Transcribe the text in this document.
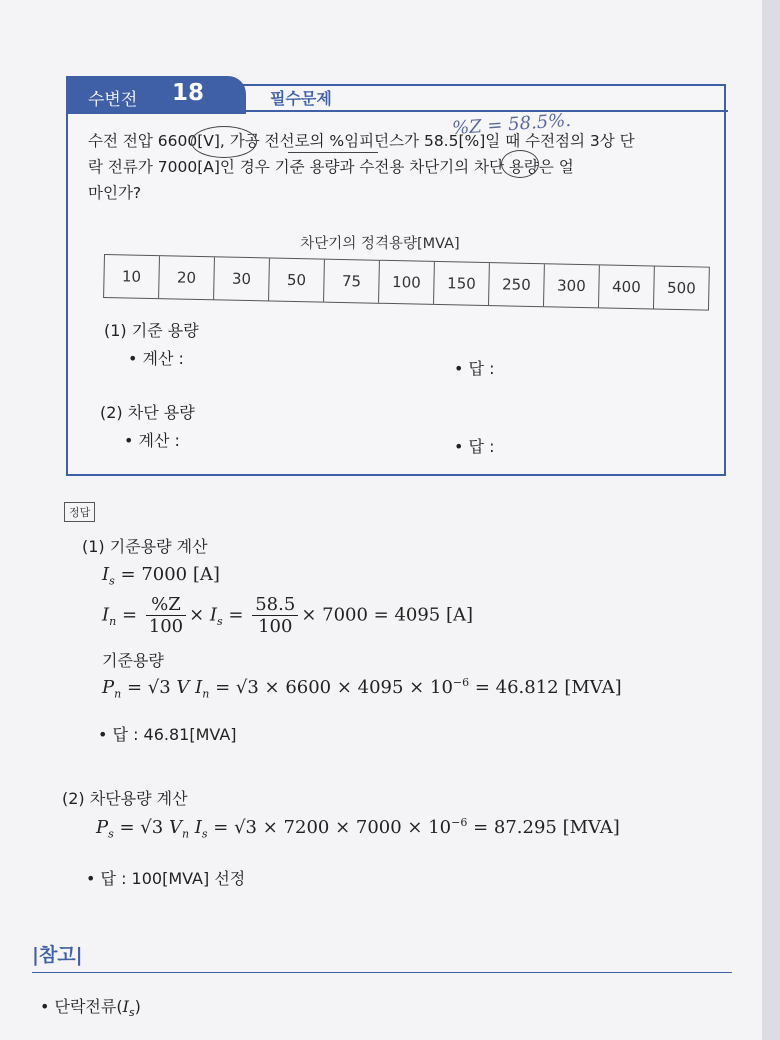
수변전 18	필수문제
%Z = 58.5%.
수전 전압 6600[V], 가공 전선로의 %임피던스가 58.5[%]일 때 수전점의 3상 단
락 전류가 7000[A]인 경우 기준 용량과 수전용 차단기의 차단 용량은 얼
마인가?
차단기의 정격용량[MVA]
10	20	30	50	75	100	150	250	300	400	500
(1) 기준 용량
• 계산 :
• 답 :
(2) 차단 용량
• 계산 :	• 답 :
정답
(1) 기준용량 계산
$I_s = 7000$ [A]
$I_n = \frac{\%Z}{100} \times I_s = \frac{58.5}{100} \times 7000 = 4095$ [A]
기준용량
$P_n = √3$ V $I_n = √3 \times 6600 \times 4095 \times 10^{-6} = 46.812$ [MVA]
• 답 : 46.81[MVA]
(2) 차단용량 계산
$P_s = √3$ $V_n$ $I_s = √3 \times 7200 \times 7000 \times 10^{-6} = 87.295$ [MVA]
• 답 : 100[MVA] 선정
|참고|
• 단락전류$(I_s)$
